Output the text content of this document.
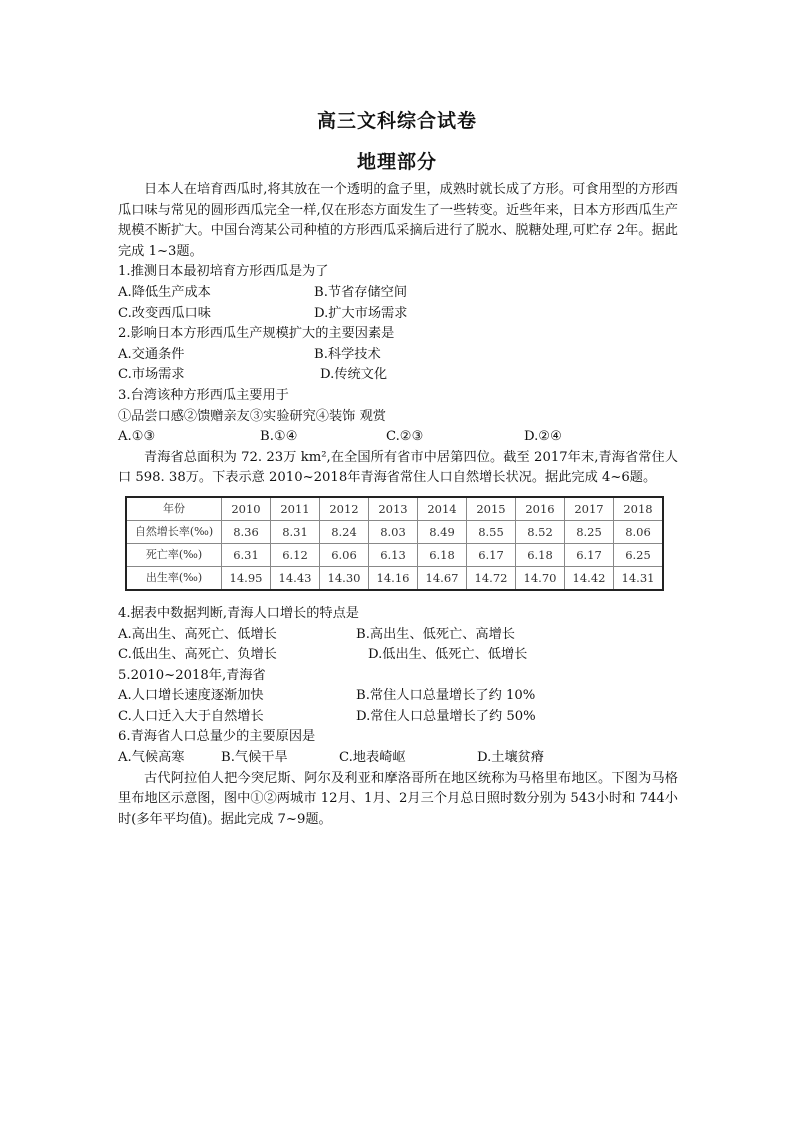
高三文科综合试卷
地理部分

日本人在培育西瓜时,将其放在一个透明的盒子里，成熟时就长成了方形。可食用型的方形西瓜口味与常见的圆形西瓜完全一样,仅在形态方面发生了一些转变。近些年来，日本方形西瓜生产规模不断扩大。中国台湾某公司种植的方形西瓜采摘后进行了脱水、脱糖处理,可贮存 2年。据此完成 1~3题。

1.推测日本最初培育方形西瓜是为了

A.降低生产成本	B.节省存储空间
C.改变西瓜口味	D.扩大市场需求

2.影响日本方形西瓜生产规模扩大的主要因素是

A.交通条件	B.科学技术
C.市场需求	D.传统文化

3.台湾该种方形西瓜主要用于

①品尝口感②馈赠亲友③实验研究④装饰 观赏

A.①③	B.①④	C.②③	D.②④

青海省总面积为 72. 23万 km²,在全国所有省市中居第四位。截至 2017年末,青海省常住人口 598. 38万。下表示意 2010~2018年青海省常住人口自然增长状况。据此完成 4~6题。

年份	2010	2011	2012	2013	2014	2015	2016	2017	2018
自然增长率(‰)	8.36	8.31	8.24	8.03	8.49	8.55	8.52	8.25	8.06
死亡率(‰)	6.31	6.12	6.06	6.13	6.18	6.17	6.18	6.17	6.25
出生率(‰)	14.95	14.43	14.30	14.16	14.67	14.72	14.70	14.42	14.31

4.据表中数据判断,青海人口增长的特点是

A.高出生、高死亡、低增长	B.高出生、低死亡、高增长
C.低出生、高死亡、负增长	D.低出生、低死亡、低增长

5.2010~2018年,青海省

A.人口增长速度逐渐加快	B.常住人口总量增长了约 10%
C.人口迁入大于自然增长	D.常住人口总量增长了约 50%

6.青海省人口总量少的主要原因是

A.气候高寒	B.气候干旱	C.地表崎岖	D.土壤贫瘠

古代阿拉伯人把今突尼斯、阿尔及利亚和摩洛哥所在地区统称为马格里布地区。下图为马格里布地区示意图，图中①②两城市 12月、1月、2月三个月总日照时数分别为 543小时和 744小时(多年平均值)。据此完成 7~9题。
